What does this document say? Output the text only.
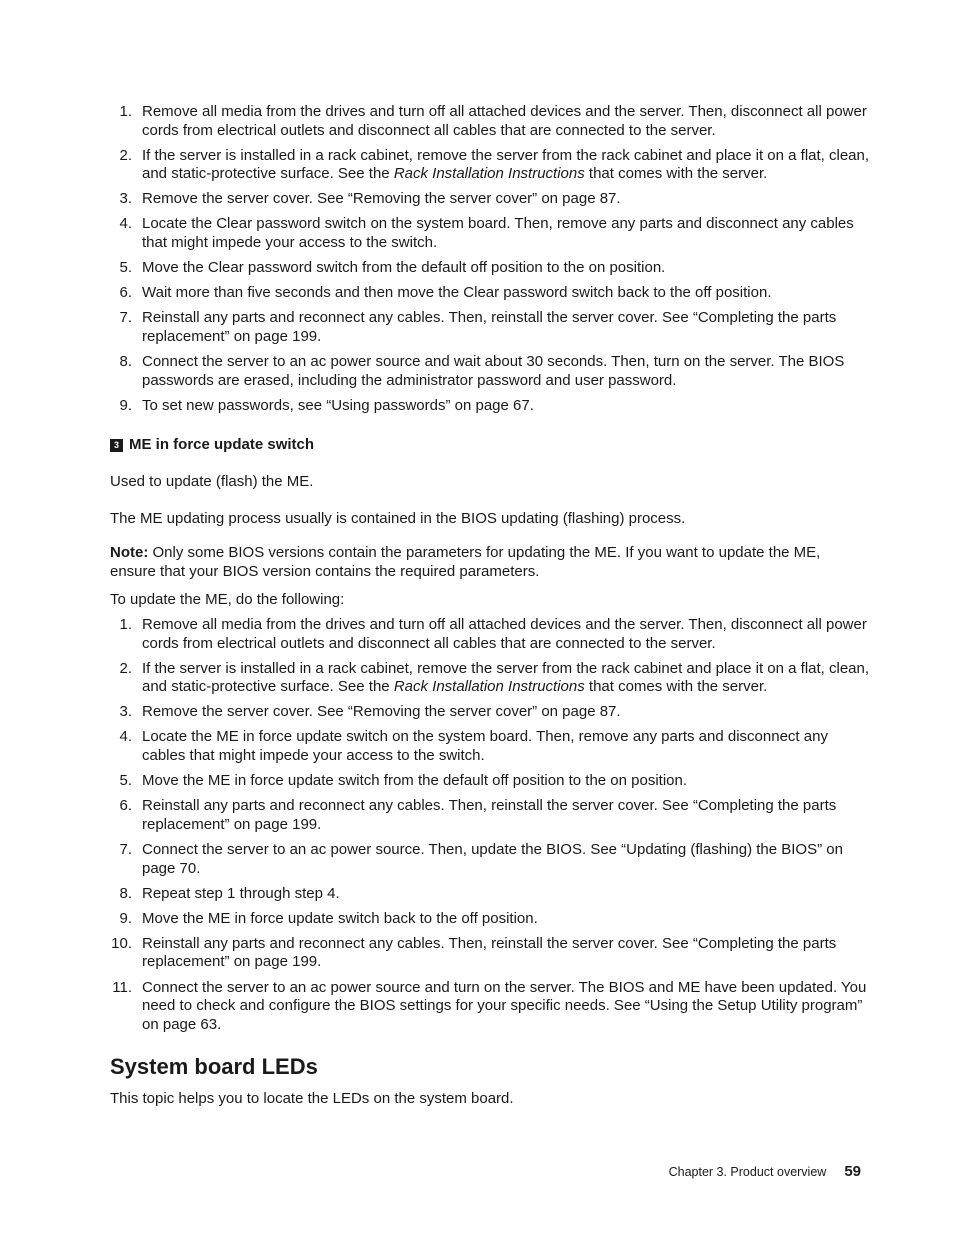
1. Remove all media from the drives and turn off all attached devices and the server. Then, disconnect all power cords from electrical outlets and disconnect all cables that are connected to the server.
2. If the server is installed in a rack cabinet, remove the server from the rack cabinet and place it on a flat, clean, and static-protective surface. See the Rack Installation Instructions that comes with the server.
3. Remove the server cover. See “Removing the server cover” on page 87.
4. Locate the Clear password switch on the system board. Then, remove any parts and disconnect any cables that might impede your access to the switch.
5. Move the Clear password switch from the default off position to the on position.
6. Wait more than five seconds and then move the Clear password switch back to the off position.
7. Reinstall any parts and reconnect any cables. Then, reinstall the server cover. See “Completing the parts replacement” on page 199.
8. Connect the server to an ac power source and wait about 30 seconds. Then, turn on the server. The BIOS passwords are erased, including the administrator password and user password.
9. To set new passwords, see “Using passwords” on page 67.
3 ME in force update switch
Used to update (flash) the ME.
The ME updating process usually is contained in the BIOS updating (flashing) process.
Note: Only some BIOS versions contain the parameters for updating the ME. If you want to update the ME, ensure that your BIOS version contains the required parameters.
To update the ME, do the following:
1. Remove all media from the drives and turn off all attached devices and the server. Then, disconnect all power cords from electrical outlets and disconnect all cables that are connected to the server.
2. If the server is installed in a rack cabinet, remove the server from the rack cabinet and place it on a flat, clean, and static-protective surface. See the Rack Installation Instructions that comes with the server.
3. Remove the server cover. See “Removing the server cover” on page 87.
4. Locate the ME in force update switch on the system board. Then, remove any parts and disconnect any cables that might impede your access to the switch.
5. Move the ME in force update switch from the default off position to the on position.
6. Reinstall any parts and reconnect any cables. Then, reinstall the server cover. See “Completing the parts replacement” on page 199.
7. Connect the server to an ac power source. Then, update the BIOS. See “Updating (flashing) the BIOS” on page 70.
8. Repeat step 1 through step 4.
9. Move the ME in force update switch back to the off position.
10. Reinstall any parts and reconnect any cables. Then, reinstall the server cover. See “Completing the parts replacement” on page 199.
11. Connect the server to an ac power source and turn on the server. The BIOS and ME have been updated. You need to check and configure the BIOS settings for your specific needs. See “Using the Setup Utility program” on page 63.
System board LEDs
This topic helps you to locate the LEDs on the system board.
Chapter 3. Product overview 59
